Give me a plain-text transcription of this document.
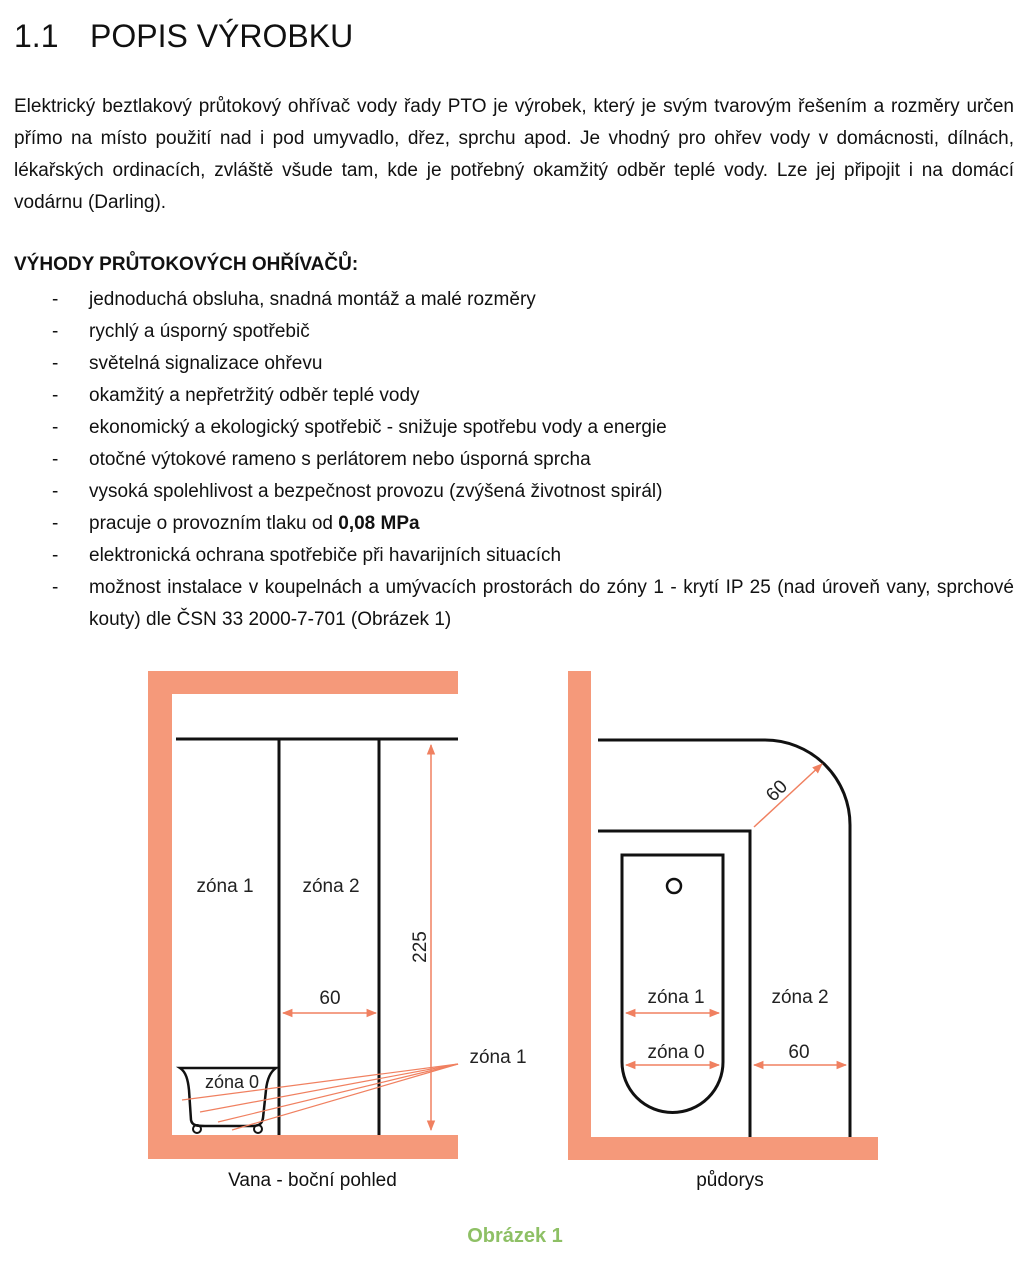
1.1 POPIS VÝROBKU

Elektrický beztlakový průtokový ohřívač vody řady PTO je výrobek, který je svým tvarovým řešením a rozměry určen přímo na místo použití nad i pod umyvadlo, dřez, sprchu apod. Je vhodný pro ohřev vody v domácnosti, dílnách, lékařských ordinacích, zvláště všude tam, kde je potřebný okamžitý odběr teplé vody. Lze jej připojit i na domácí vodárnu (Darling).

VÝHODY PRŮTOKOVÝCH OHŘÍVAČŮ:

- jednoduchá obsluha, snadná montáž a malé rozměry
- rychlý a úsporný spotřebič
- světelná signalizace ohřevu
- okamžitý a nepřetržitý odběr teplé vody
- ekonomický a ekologický spotřebič - snižuje spotřebu vody a energie
- otočné výtokové rameno s perlátorem nebo úsporná sprcha
- vysoká spolehlivost a bezpečnost provozu (zvýšená životnost spirál)
- pracuje o provozním tlaku od 0,08 MPa
- elektronická ochrana spotřebiče při havarijních situacích
- možnost instalace v koupelnách a umývacích prostorách do zóny 1 - krytí IP 25 (nad úroveň vany, sprchové kouty) dle ČSN 33 2000-7-701 (Obrázek 1)
zóna 1	zóna 2
225
60
zóna 0
zóna 1
zóna 1
zóna 0
zóna 2
60
60
Vana - boční pohled	půdorys
Obrázek 1
